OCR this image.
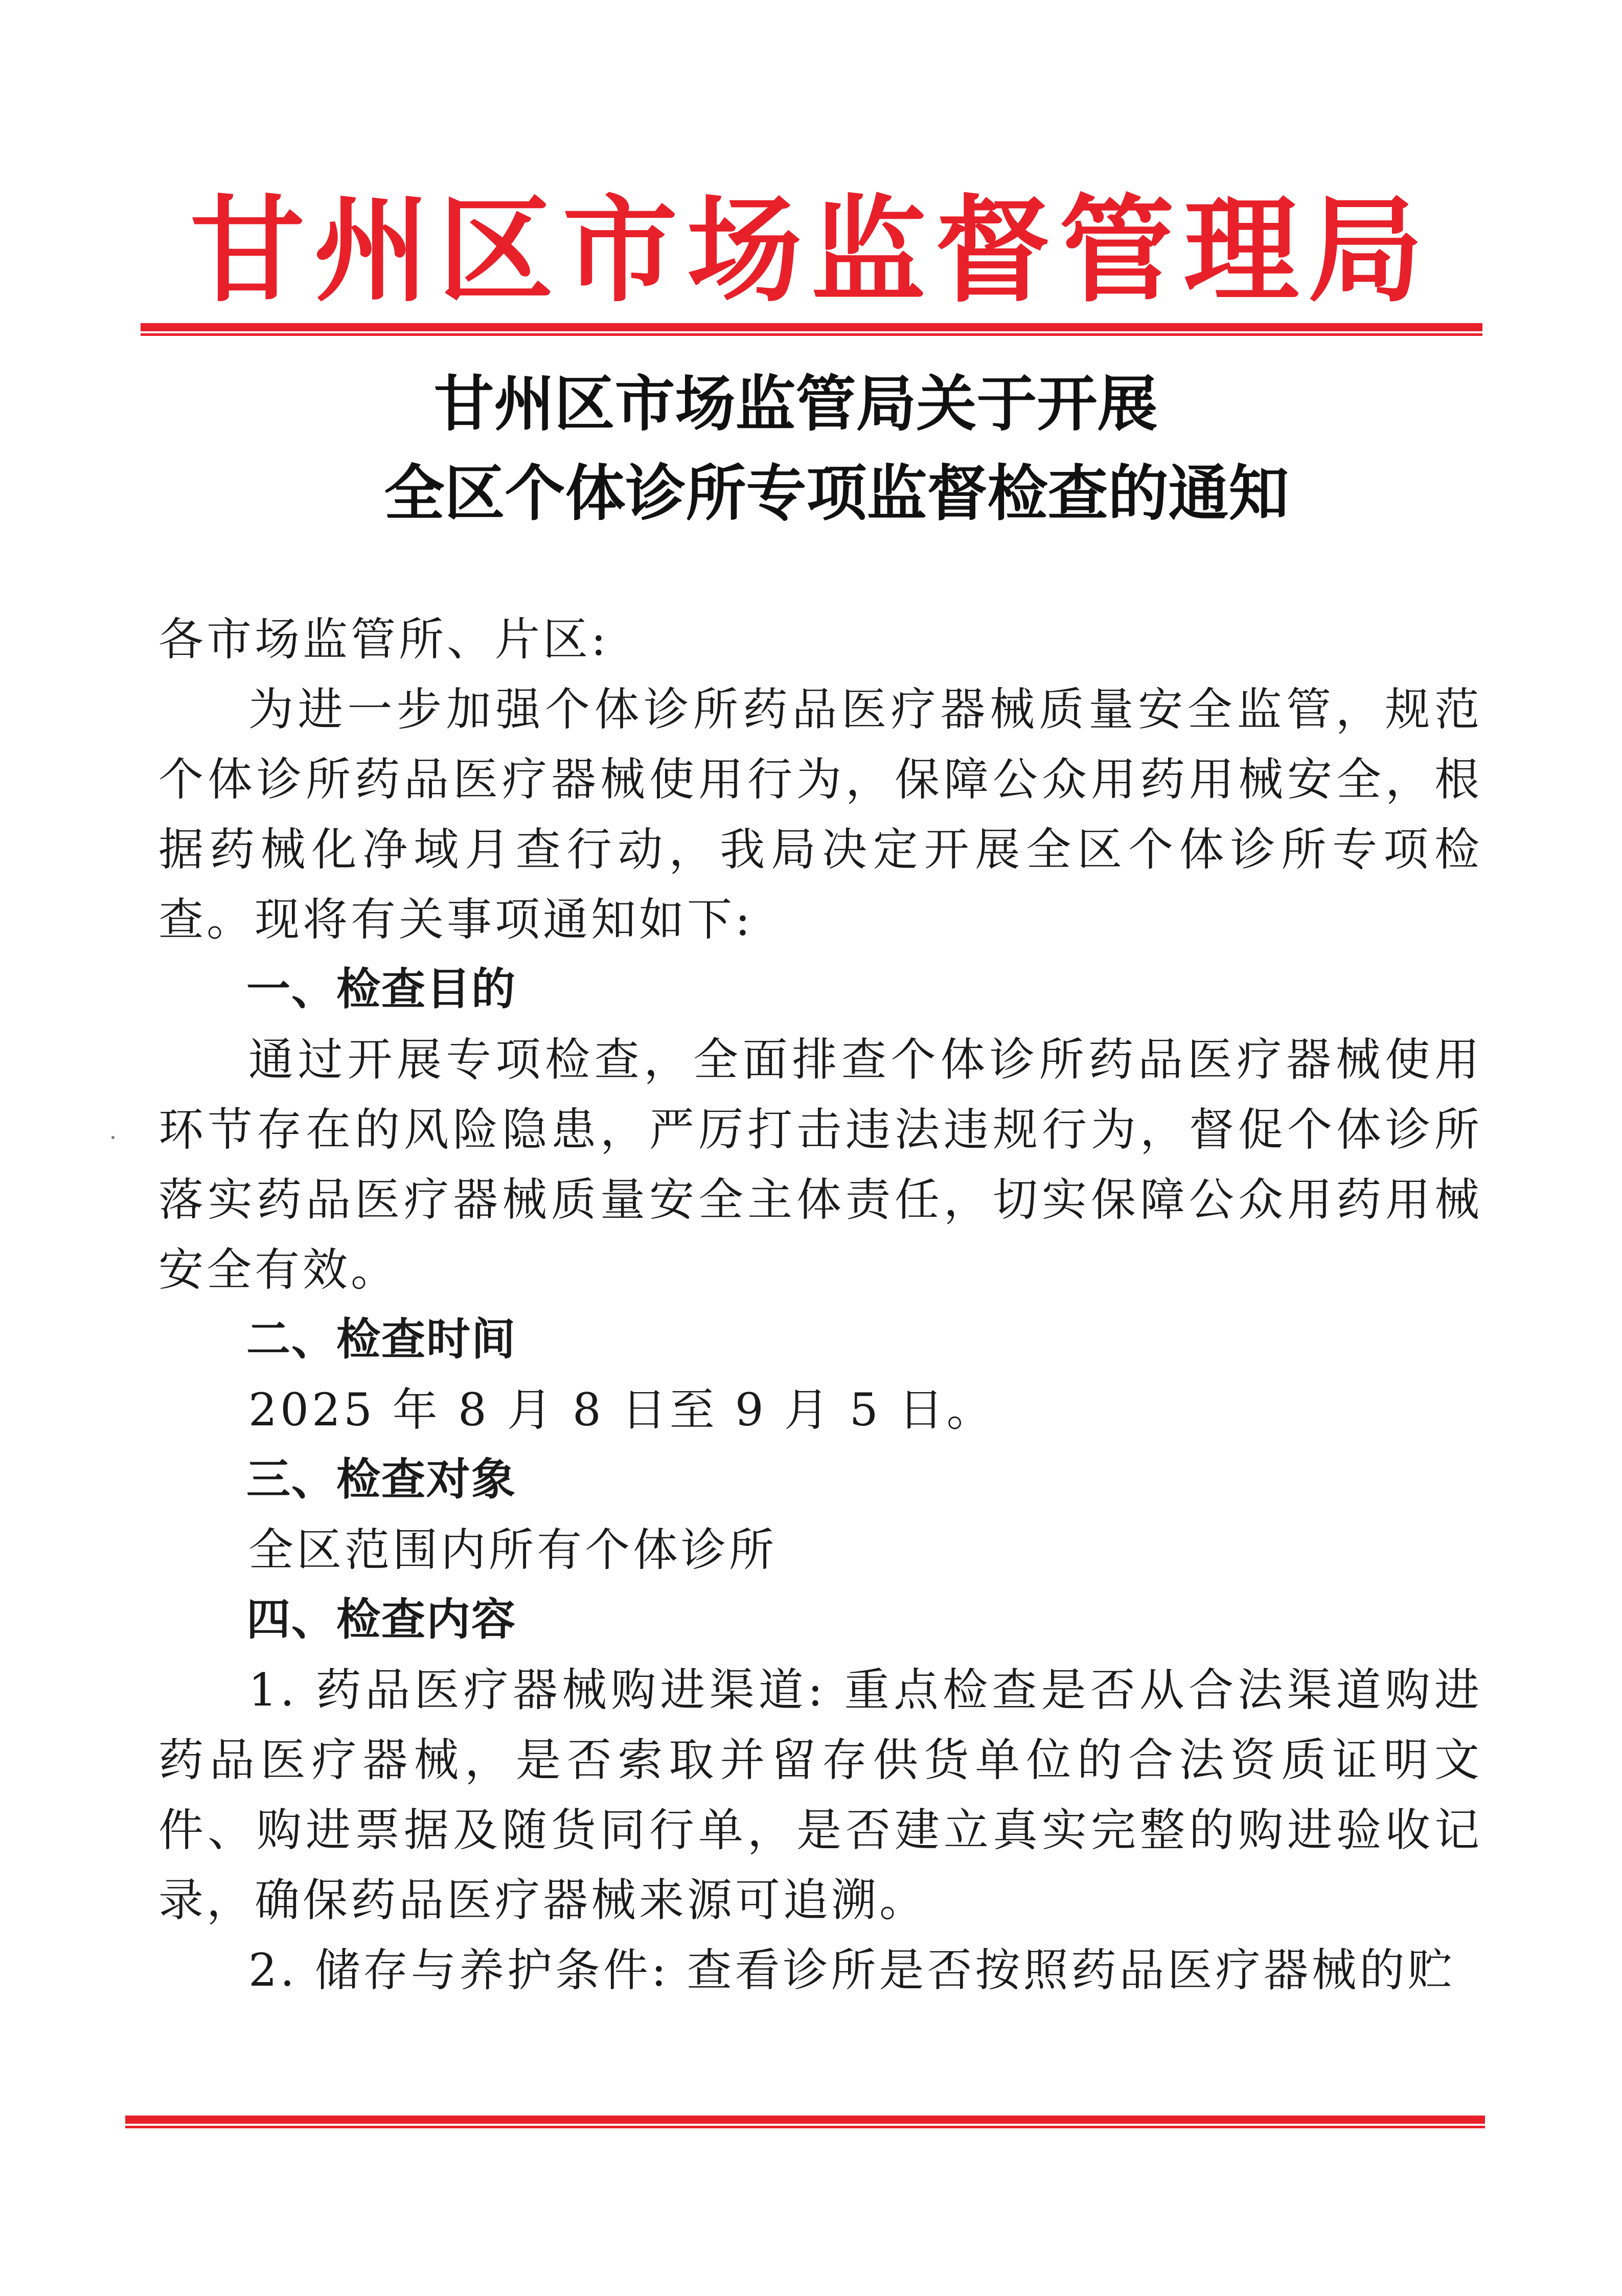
甘州区市场监督管理局
甘州区市场监管局关于开展
全区个体诊所专项监督检查的通知

各市场监管所、片区:

为进一步加强个体诊所药品医疗器械质量安全监管，规范个体诊所药品医疗器械使用行为，保障公众用药用械安全，根据药械化净域月查行动，我局决定开展全区个体诊所专项检查。现将有关事项通知如下:

一、检查目的

通过开展专项检查，全面排查个体诊所药品医疗器械使用环节存在的风险隐患，严厉打击违法违规行为，督促个体诊所落实药品医疗器械质量安全主体责任，切实保障公众用药用械安全有效。

二、检查时间

2025 年 8 月 8 日至 9 月 5 日。

三、检查对象

全区范围内所有个体诊所

四、检查内容

1. 药品医疗器械购进渠道: 重点检查是否从合法渠道购进药品医疗器械，是否索取并留存供货单位的合法资质证明文件、购进票据及随货同行单，是否建立真实完整的购进验收记录，确保药品医疗器械来源可追溯。

2. 储存与养护条件: 查看诊所是否按照药品医疗器械的贮
